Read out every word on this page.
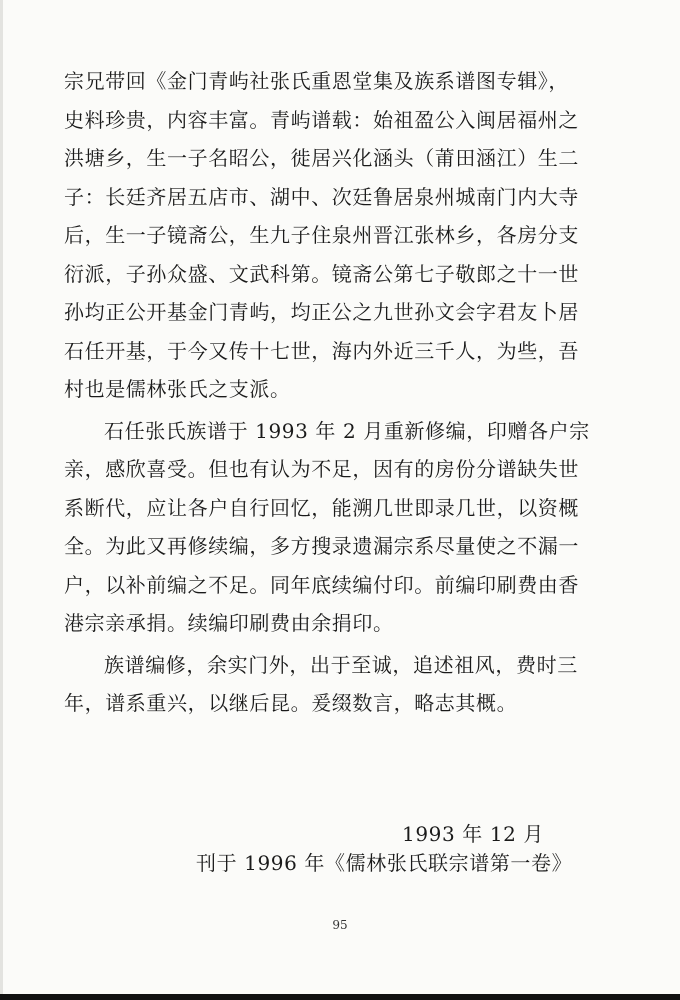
宗兄带回《金门青屿社张氏重恩堂集及族系谱图专辑》，
史料珍贵，内容丰富。青屿谱载：始祖盈公入闽居福州之
洪塘乡，生一子名昭公，徙居兴化涵头（莆田涵江）生二
子：长廷齐居五店市、湖中、次廷鲁居泉州城南门内大寺
后，生一子镜斋公，生九子住泉州晋江张林乡，各房分支
衍派，子孙众盛、文武科第。镜斋公第七子敬郎之十一世
孙均正公开基金门青屿，均正公之九世孙文会字君友卜居
石任开基，于今又传十七世，海内外近三千人，为些，吾
村也是儒林张氏之支派。
石任张氏族谱于 1993 年 2 月重新修编，印赠各户宗
亲，感欣喜受。但也有认为不足，因有的房份分谱缺失世
系断代，应让各户自行回忆，能溯几世即录几世，以资概
全。为此又再修续编，多方搜录遗漏宗系尽量使之不漏一
户，以补前编之不足。同年底续编付印。前编印刷费由香
港宗亲承捐。续编印刷费由余捐印。
族谱编修，余实门外，出于至诚，追述祖风，费时三
年，谱系重兴，以继后昆。爰缀数言，略志其概。
1993 年 12 月
刊于 1996 年《儒林张氏联宗谱第一卷》
95
